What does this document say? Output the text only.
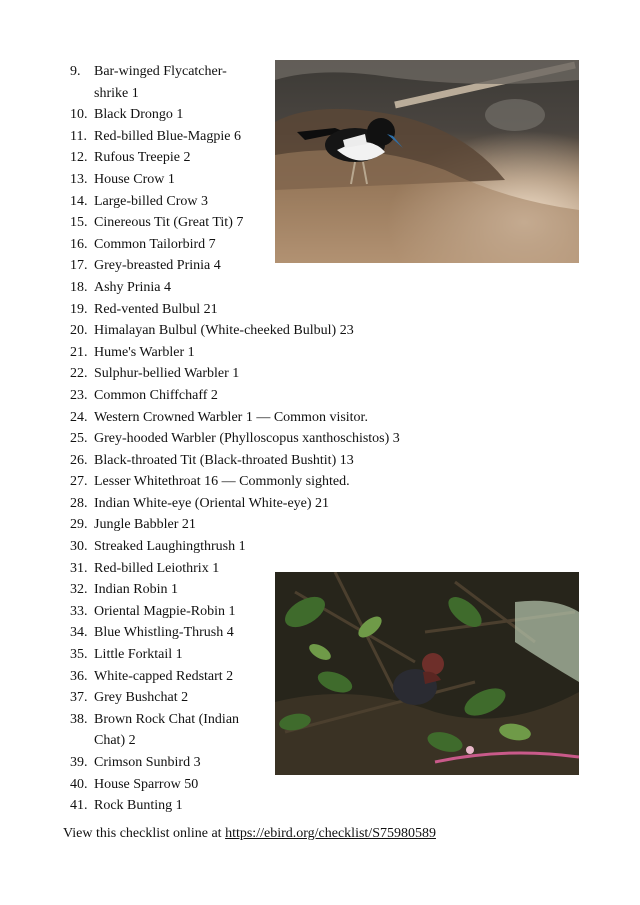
9. Bar-winged Flycatcher-shrike 1
10. Black Drongo 1
11. Red-billed Blue-Magpie 6
12. Rufous Treepie 2
13. House Crow 1
14. Large-billed Crow 3
15. Cinereous Tit (Great Tit) 7
16. Common Tailorbird 7
17. Grey-breasted Prinia 4
18. Ashy Prinia 4
19. Red-vented Bulbul 21
20. Himalayan Bulbul (White-cheeked Bulbul) 23
21. Hume's Warbler 1
22. Sulphur-bellied Warbler 1
23. Common Chiffchaff 2
24. Western Crowned Warbler 1 — Common visitor.
25. Grey-hooded Warbler (Phylloscopus xanthoschistos) 3
26. Black-throated Tit (Black-throated Bushtit) 13
27. Lesser Whitethroat 16 — Commonly sighted.
28. Indian White-eye (Oriental White-eye) 21
29. Jungle Babbler 21
30. Streaked Laughingthrush 1
31. Red-billed Leiothrix 1
32. Indian Robin 1
33. Oriental Magpie-Robin 1
34. Blue Whistling-Thrush 4
35. Little Forktail 1
36. White-capped Redstart 2
37. Grey Bushchat 2
38. Brown Rock Chat (Indian Chat) 2
39. Crimson Sunbird 3
40. House Sparrow 50
41. Rock Bunting 1
View this checklist online at https://ebird.org/checklist/S75980589
